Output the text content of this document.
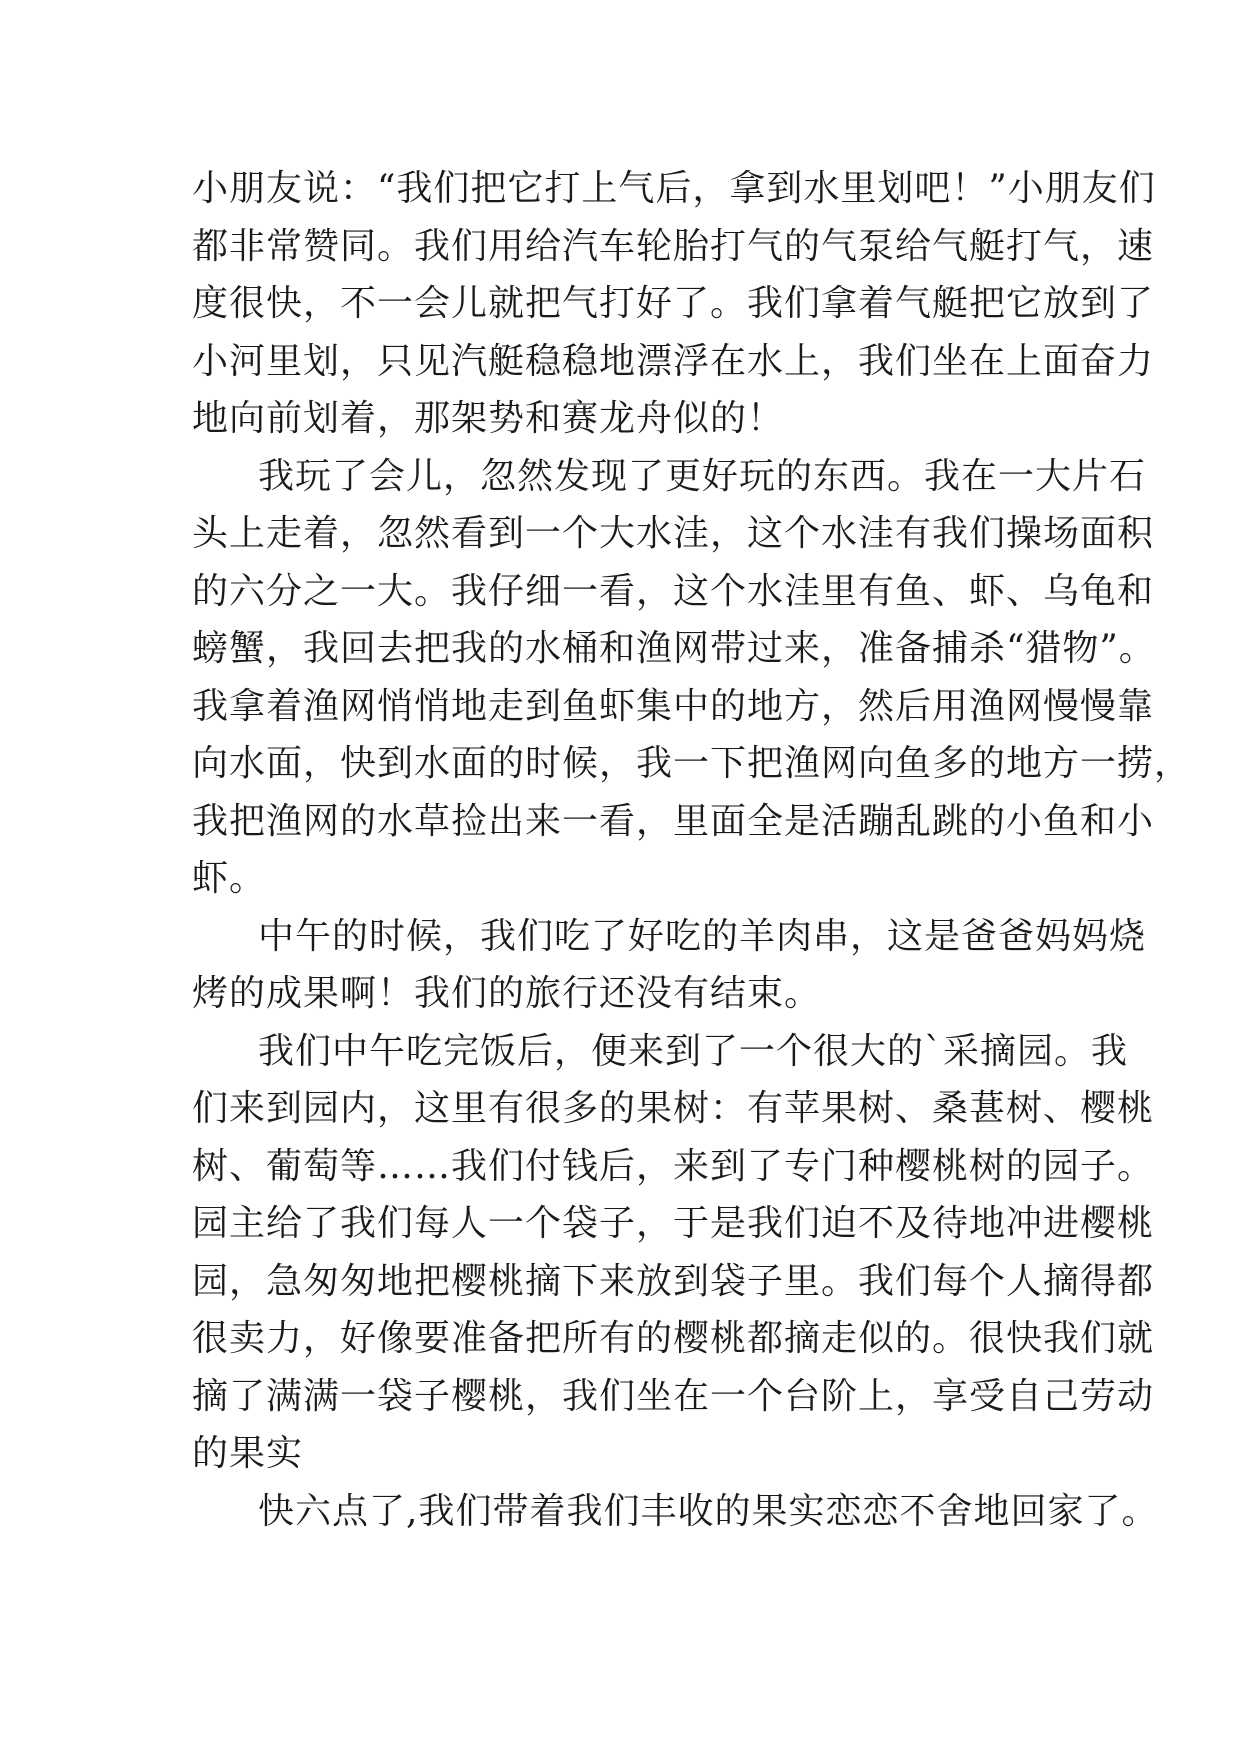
小朋友说：“我们把它打上气后，拿到水里划吧！”小朋友们
都非常赞同。我们用给汽车轮胎打气的气泵给气艇打气，速
度很快，不一会儿就把气打好了。我们拿着气艇把它放到了
小河里划，只见汽艇稳稳地漂浮在水上，我们坐在上面奋力
地向前划着，那架势和赛龙舟似的！
我玩了会儿，忽然发现了更好玩的东西。我在一大片石
头上走着，忽然看到一个大水洼，这个水洼有我们操场面积
的六分之一大。我仔细一看，这个水洼里有鱼、虾、乌龟和
螃蟹，我回去把我的水桶和渔网带过来，准备捕杀“猎物”。
我拿着渔网悄悄地走到鱼虾集中的地方，然后用渔网慢慢靠
向水面，快到水面的时候，我一下把渔网向鱼多的地方一捞，
我把渔网的水草捡出来一看，里面全是活蹦乱跳的小鱼和小
虾。
中午的时候，我们吃了好吃的羊肉串，这是爸爸妈妈烧
烤的成果啊！我们的旅行还没有结束。
我们中午吃完饭后，便来到了一个很大的`采摘园。我
们来到园内，这里有很多的果树：有苹果树、桑葚树、樱桃
树、葡萄等……我们付钱后，来到了专门种樱桃树的园子。
园主给了我们每人一个袋子，于是我们迫不及待地冲进樱桃
园，急匆匆地把樱桃摘下来放到袋子里。我们每个人摘得都
很卖力，好像要准备把所有的樱桃都摘走似的。很快我们就
摘了满满一袋子樱桃，我们坐在一个台阶上，享受自己劳动
的果实
快六点了,我们带着我们丰收的果实恋恋不舍地回家了。
